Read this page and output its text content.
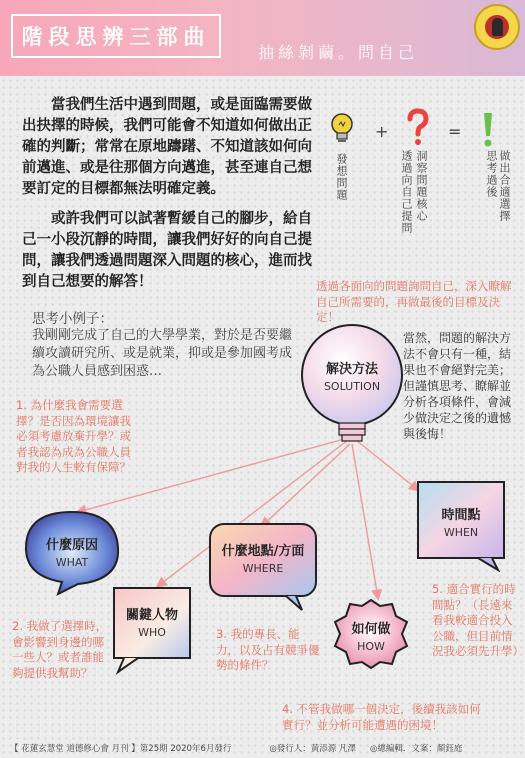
階段思辨三部曲
抽絲剝繭。問自己
當我們生活中遇到問題，或是面臨需要做出抉擇的時候，我們可能會不知道如何做出正確的判斷；常常在原地躊躇、不知道該如何向前邁進、或是往那個方向邁進，甚至連自己想要訂定的目標都無法明確定義。
或許我們可以試著暫緩自己的腳步，給自己一小段沉靜的時間，讓我們好好的向自己提問，讓我們透過問題深入問題的核心，進而找到自己想要的解答！
+	=
發想問題	洞察問題核心
透過向自己提問	思考過後 做出合適選擇
思考小例子：
我剛剛完成了自己的大學學業，對於是否要繼續攻讀研究所、或是就業，抑或是參加國考成為公職人員感到困惑…	解決方法
SOLUTION
什麼原因
WHAT
關鍵人物
WHO
什麼地點/方面
WHERE
如何做
HOW
時間點
WHEN
透過各面向的問題詢問自己，深入瞭解自己所需要的，再做最後的目標及決定！
當然，問題的解決方法不會只有一種，結果也不會絕對完美；但謹慎思考、瞭解並分析各項條件，會減少做決定之後的遺憾與後悔！
1. 為什麼我會需要選擇？是否因為環境讓我必須考慮放棄升學？或者我認為成為公職人員對我的人生較有保障？
2. 我做了選擇時，會影響到身邊的哪一些人？或者誰能夠提供我幫助？
3. 我的專長、能力，以及占有競爭優勢的條件？
4. 不管我做哪一個決定，後續我該如何實行？並分析可能遭遇的困境！
5. 適合實行的時間點？（長遠來看我較適合投入公職，但目前情況我必須先升學）
【 花蓮玄慧堂 道德修心會 月刊 】第25期 2020年6月發行	◎發行人：黃添源 凡澤 ◎總編輯．文案：顏鈺庭
